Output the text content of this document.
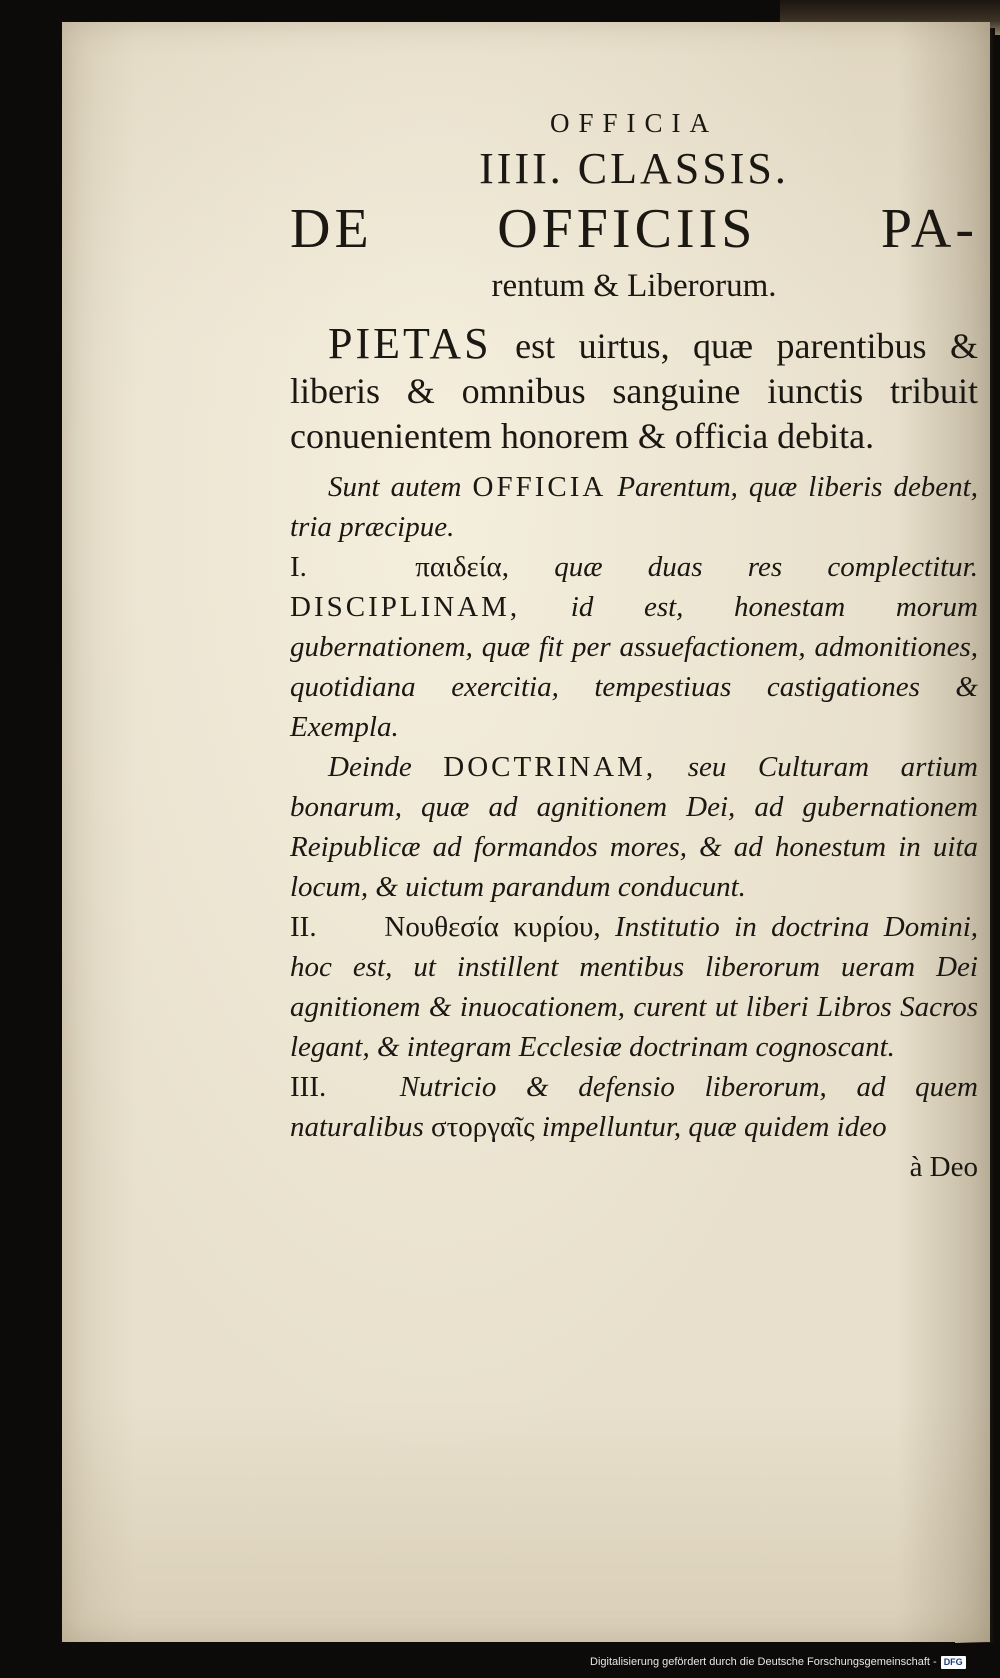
OFFICIA
IIII. CLASSIS.
DE OFFICIIS PA-
rentum & Liberorum.

PIETAS est uirtus, quæ parentibus & liberis & omnibus sanguine iunctis tribuit conuenientem honorem & officia debita.

Sunt autem OFFICIA Parentum, quæ liberis debent, tria præcipue.

I.	παιδεία, quæ duas res complectitur. DISCIPLINAM, id est, honestam morum gubernationem, quæ fit per assuefactionem, admonitiones, quotidiana exercitia, tempestiuas castigationes & Exempla.

Deinde DOCTRINAM, seu Culturam artium bonarum, quæ ad agnitionem Dei, ad gubernationem Reipublicæ ad formandos mores, & ad honestum in uita locum, & uictum parandum conducunt.

II. Νουθεσία κυρίου, Institutio in doctrina Domini, hoc est, ut instillent mentibus liberorum ueram Dei agnitionem & inuocationem, curent ut liberi Libros Sacros legant, & integram Ecclesiæ doctrinam cognoscant.

III.	Nutricio & defensio liberorum, ad quem naturalibus στοργαῖς impelluntur, quæ quidem ideo

à Deo

Digitalisierung gefördert durch die Deutsche Forschungsgemeinschaft - DFG
